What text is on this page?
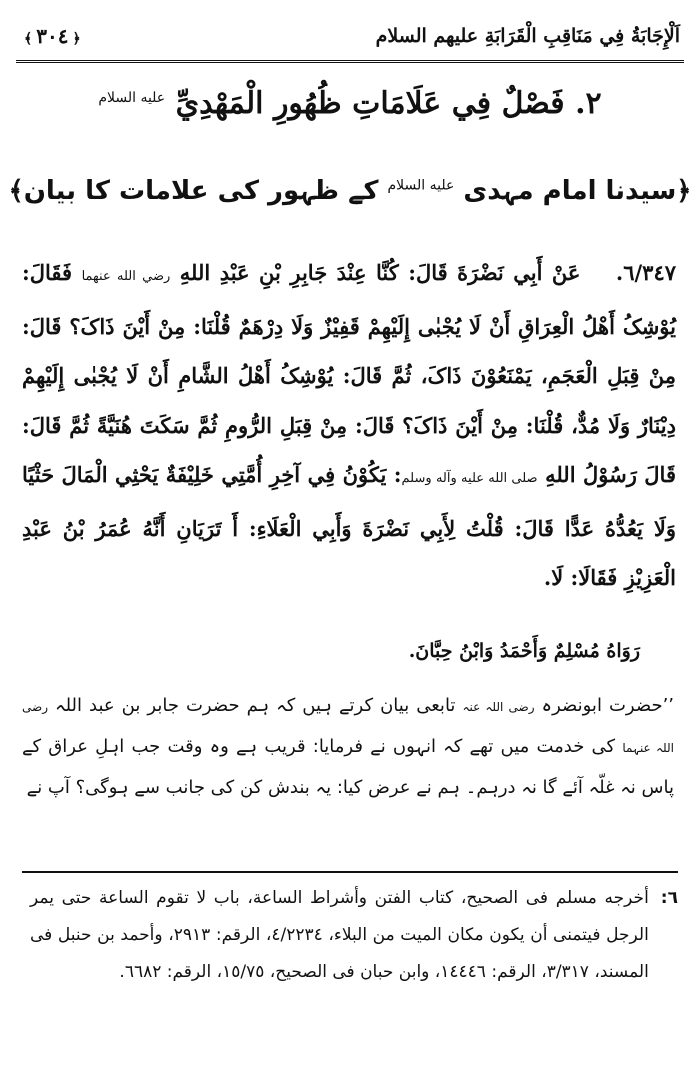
﴿٣٠٤﴾	اَلْإِجَابَةُ فِي مَنَاقِبِ الْقَرَابَةِ عليهم السلام
٢. فَصْلٌ فِي عَلَامَاتِ ظُهُورِ الْمَهْدِيِّ $^{عليه السلام}$
﴿سیدنا امام مہدی $^{عليه السلام}$ کے ظہور کی علامات کا بیان﴾
٦/٣٤٧. عَنْ أَبِي نَضْرَةَ قَالَ: كُنَّا عِنْدَ جَابِرِ بْنِ عَبْدِ اللهِ رضي الله عنهما فَقَالَ: يُوْشِکُ أَهْلُ الْعِرَاقِ أَنْ لَا يُجْبٰی إِلَيْهِمْ قَفِيْزٌ وَلَا دِرْهَمٌ قُلْنَا: مِنْ أَيْنَ ذَاکَ؟ قَالَ: مِنْ قِبَلِ الْعَجَمِ، يَمْنَعُوْنَ ذَاکَ، ثُمَّ قَالَ: يُوْشِکُ أَهْلُ الشَّامِ أَنْ لَا يُجْبٰی إِلَيْهِمْ دِيْنَارٌ وَلَا مُدٌّ، قُلْنَا: مِنْ أَيْنَ ذَاکَ؟ قَالَ: مِنْ قِبَلِ الرُّومِ ثُمَّ سَکَتَ هُنَيَّةً ثُمَّ قَالَ: قَالَ رَسُوْلُ اللهِ صلى الله عليه وآله وسلم: يَکُوْنُ فِي آخِرِ أُمَّتِي خَلِيْفَةٌ يَحْثِي الْمَالَ حَثْيًا وَلَا يَعُدُّهُ عَدًّا قَالَ: قُلْتُ لِأَبِي نَضْرَةَ وَأَبِي الْعَلَاءِ: أَ تَرَيَانِ أَنَّهُ عُمَرُ بْنُ عَبْدِ الْعَزِيْزِ فَقَالَا: لَا.
رَوَاهُ مُسْلِمٌ وَأَحْمَدُ وَابْنُ حِبَّانَ.
’’حضرت ابونضرہ رضی اللہ عنہ تابعی بیان کرتے ہیں کہ ہم حضرت جابر بن عبد اللہ رضی اللہ عنہما کی خدمت میں تھے کہ انہوں نے فرمایا: قریب ہے وہ وقت جب اہلِ عراق کے پاس نہ غلّہ آئے گا نہ درہم۔ ہم نے عرض کیا: یہ بندش کن کی جانب سے ہوگی؟ آپ نے
٦:
أخرجه مسلم فی الصحيح، کتاب الفتن وأشراط الساعة، باب لا تقوم الساعة حتی يمر الرجل فيتمنی أن يکون مکان الميت من البلاء، ٤/٢٢٣٤، الرقم: ٢٩١٣، وأحمد بن حنبل فی المسند، ٣/٣١٧، الرقم: ١٤٤٤٦، وابن حبان فی الصحيح، ١٥/٧٥، الرقم: ٦٦٨٢.
